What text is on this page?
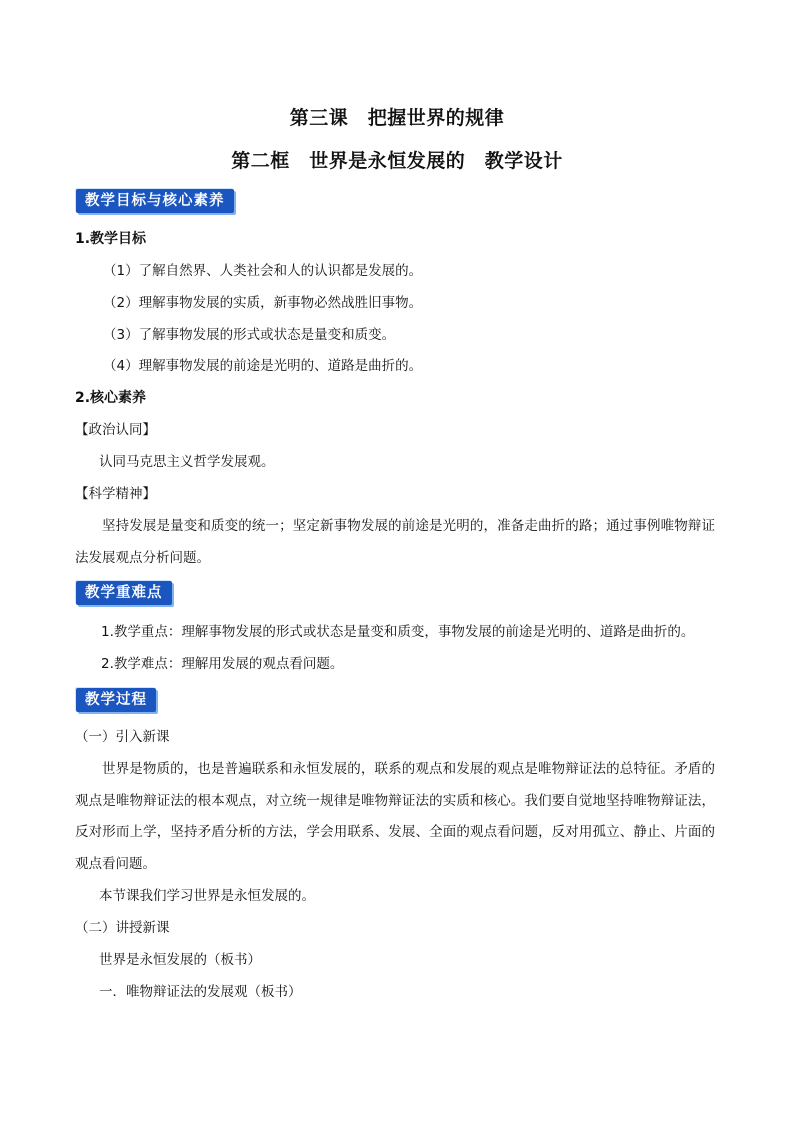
第三课　把握世界的规律
第二框　世界是永恒发展的　教学设计
教学目标与核心素养
1.教学目标
（1）了解自然界、人类社会和人的认识都是发展的。
（2）理解事物发展的实质，新事物必然战胜旧事物。
（3）了解事物发展的形式或状态是量变和质变。
（4）理解事物发展的前途是光明的、道路是曲折的。
2.核心素养
【政治认同】
认同马克思主义哲学发展观。
【科学精神】
坚持发展是量变和质变的统一；坚定新事物发展的前途是光明的，准备走曲折的路；通过事例唯物辩证法发展观点分析问题。
教学重难点
1.教学重点：理解事物发展的形式或状态是量变和质变，事物发展的前途是光明的、道路是曲折的。
2.教学难点：理解用发展的观点看问题。
教学过程
（一）引入新课
世界是物质的，也是普遍联系和永恒发展的，联系的观点和发展的观点是唯物辩证法的总特征。矛盾的观点是唯物辩证法的根本观点，对立统一规律是唯物辩证法的实质和核心。我们要自觉地坚持唯物辩证法，反对形而上学，坚持矛盾分析的方法，学会用联系、发展、全面的观点看问题，反对用孤立、静止、片面的观点看问题。
本节课我们学习世界是永恒发展的。
（二）讲授新课
世界是永恒发展的（板书）
一．唯物辩证法的发展观（板书）
